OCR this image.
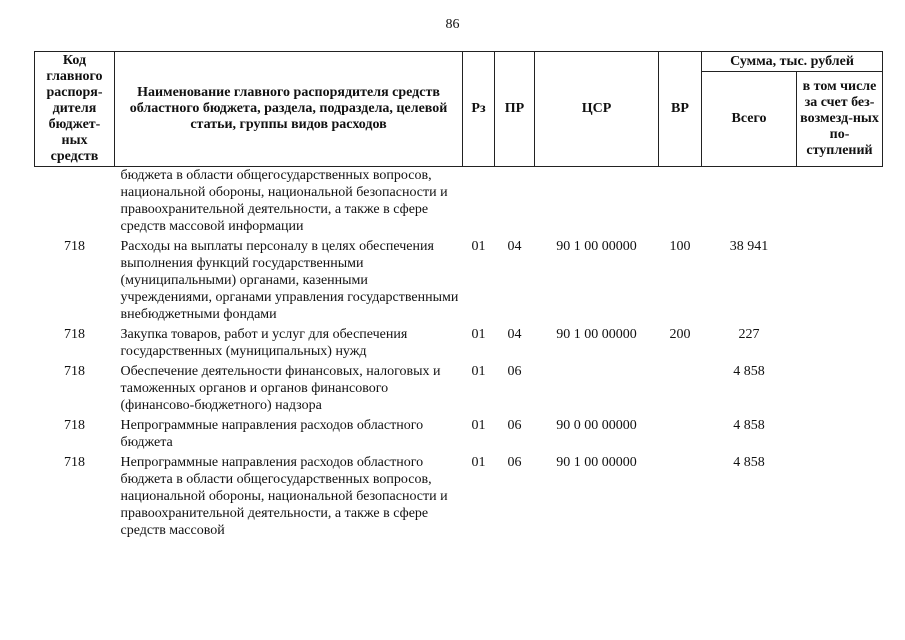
86
Код главного распоря-дителя бюджет-ных средств	Наименование главного распорядителя средств областного бюджета, раздела, подраздела, целевой статьи, группы видов расходов	Рз	ПР	ЦСР	ВР	Сумма, тыс. рублей	
						Всего	в том числе за счет без-возмезд-ных по-ступлений
	бюджета в области общегосударственных вопросов, национальной обороны, национальной безопасности и правоохранительной деятельности, а также в сфере средств массовой информации						
718	Расходы на выплаты персоналу в целях обеспечения выполнения функций государственными (муниципальными) органами, казенными учреждениями, органами управления государственными внебюджетными фондами	01	04	90 1 00 00000	100	38 941	
718	Закупка товаров, работ и услуг для обеспечения государственных (муниципальных) нужд	01	04	90 1 00 00000	200	227	
718	Обеспечение деятельности финансовых, налоговых и таможенных органов и органов финансового (финансово-бюджетного) надзора	01	06			4 858	
718	Непрограммные направления расходов областного бюджета	01	06	90 0 00 00000		4 858	
718	Непрограммные направления расходов областного бюджета в области общегосударственных вопросов, национальной обороны, национальной безопасности и правоохранительной деятельности, а также в сфере средств массовой	01	06	90 1 00 00000		4 858	
